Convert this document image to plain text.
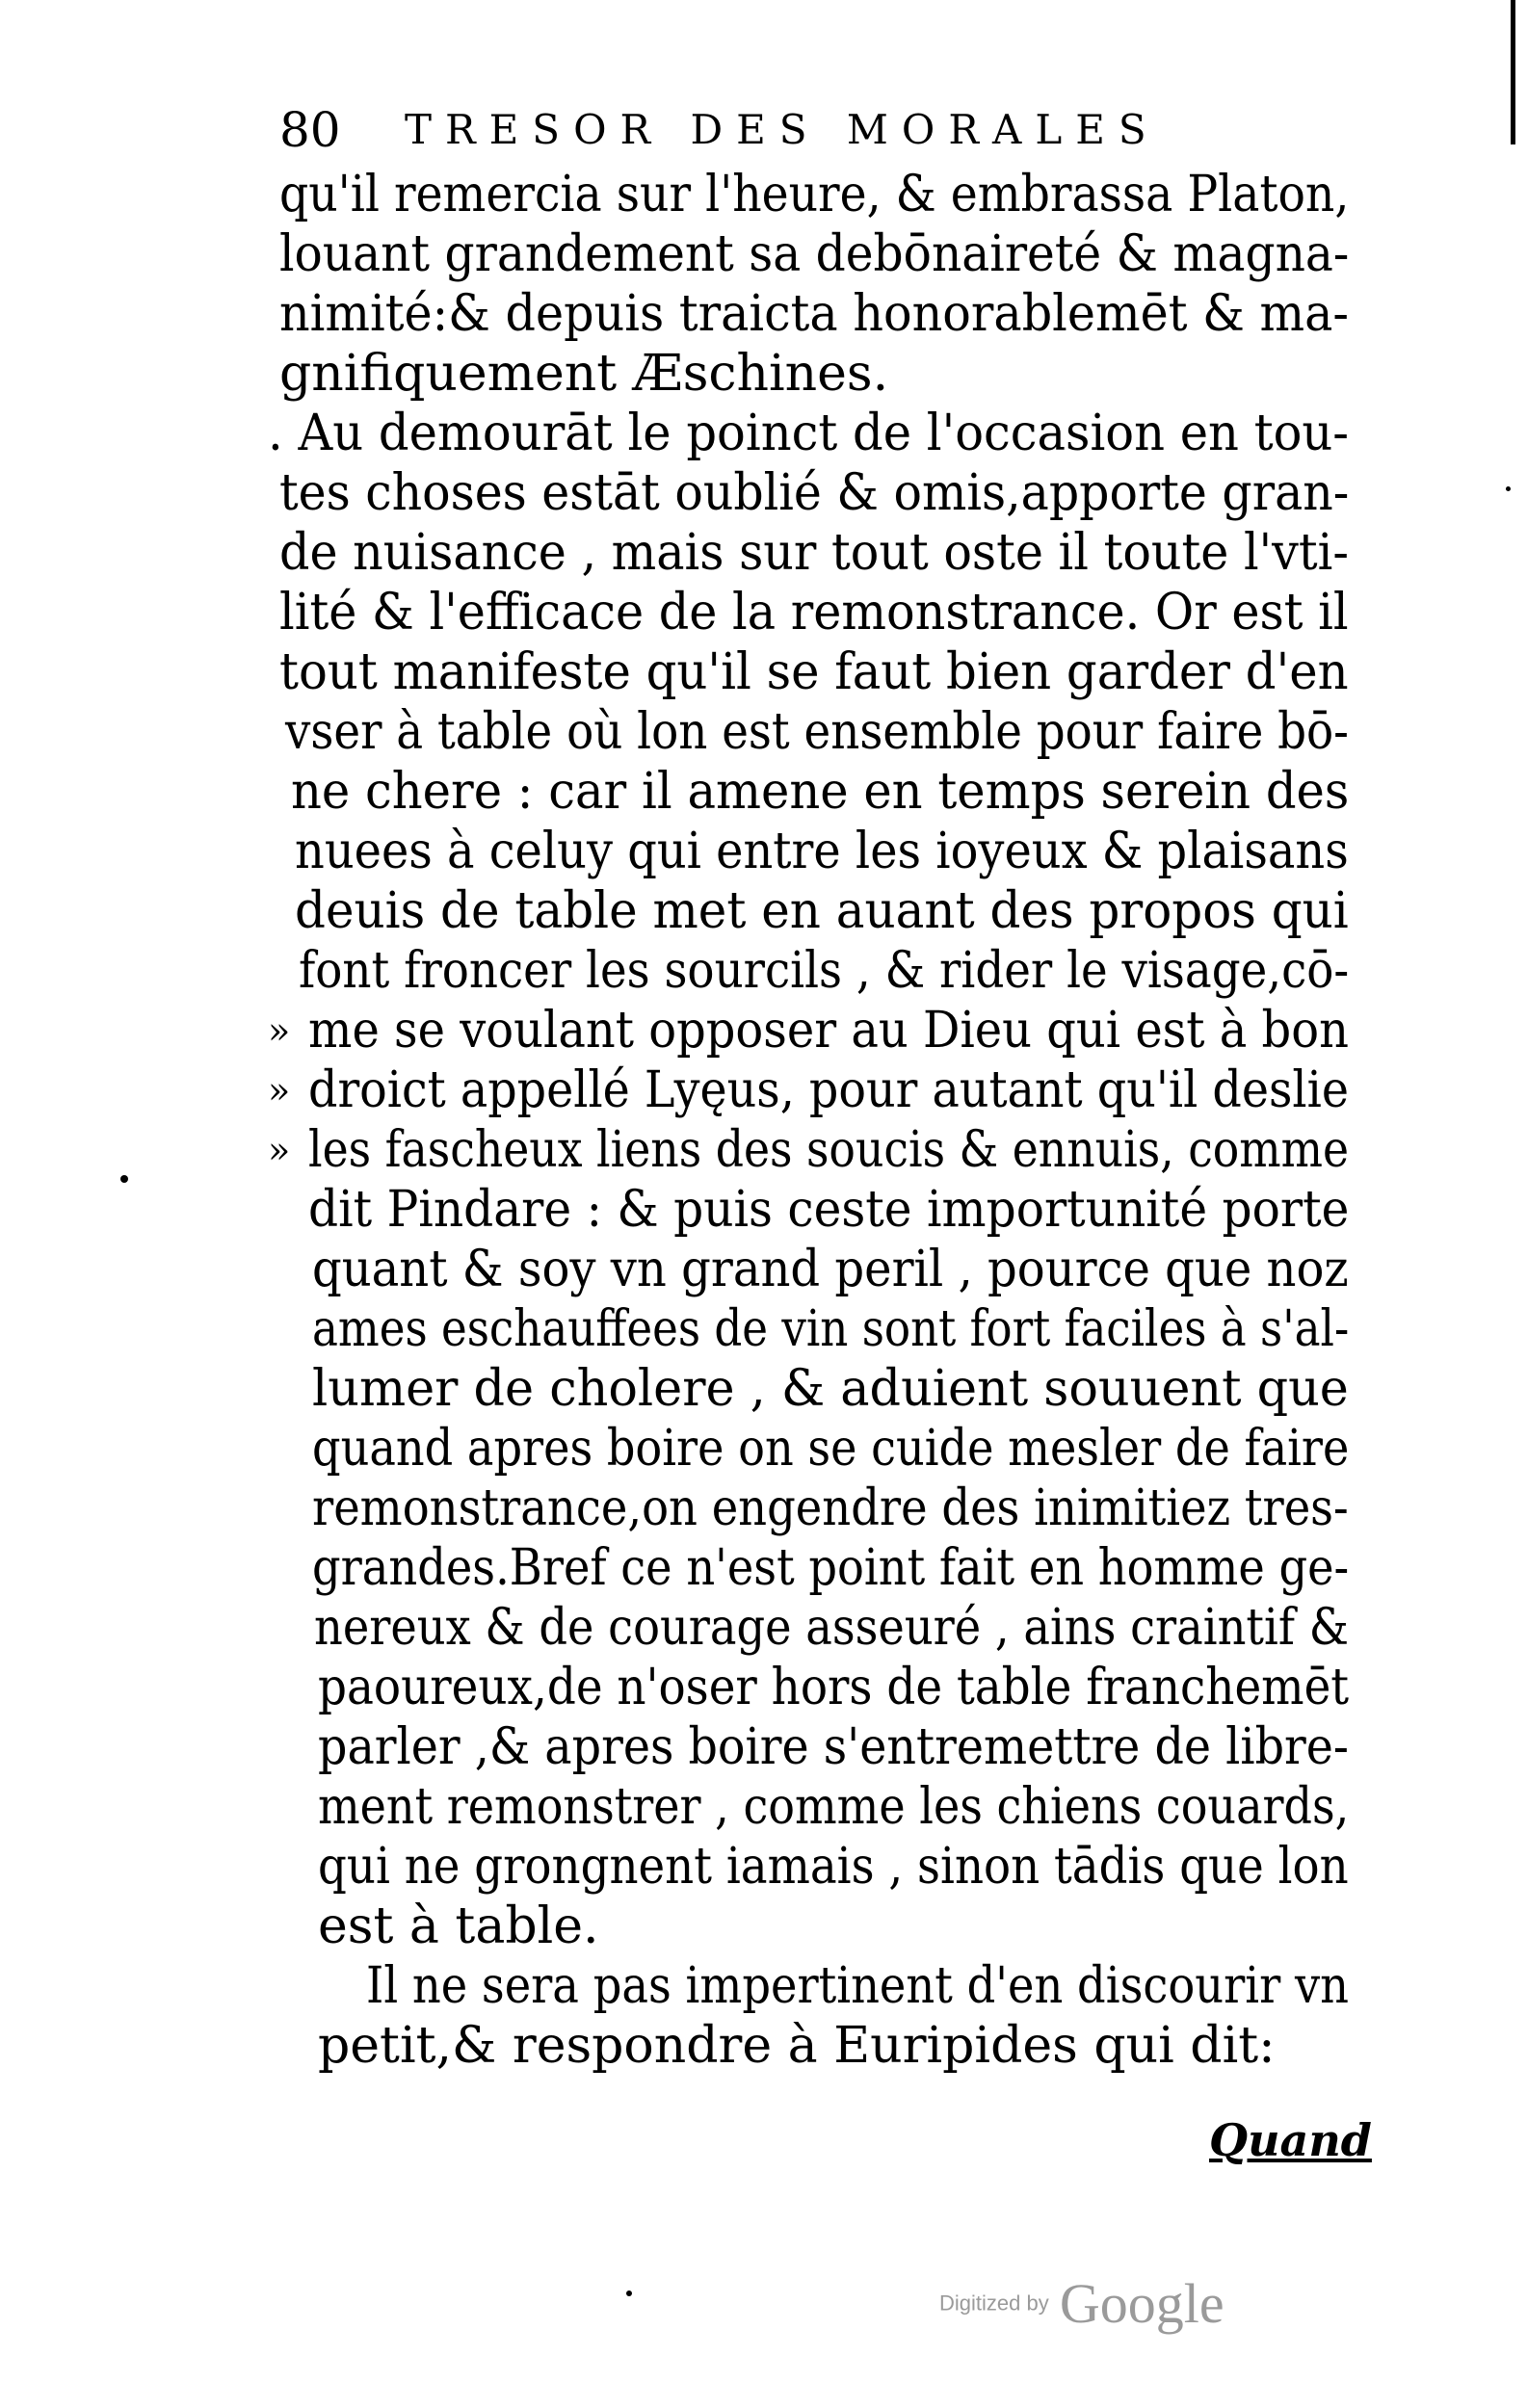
80 TRESOR DES MORALES
qu'il remercia sur l'heure, & embrassa Platon,
louant grandement sa debōnaireté & magna-
nimité:& depuis traicta honorablemēt & ma-
gnifiquement Æschines.
. Au demourāt le poinct de l'occasion en tou-
tes choses estāt oublié & omis,apporte gran-
de nuisance , mais sur tout oste il toute l'vti-
lité & l'efficace de la remonstrance. Or est il
tout manifeste qu'il se faut bien garder d'en
vser à table où lon est ensemble pour faire bō-
ne chere : car il amene en temps serein des
nuees à celuy qui entre les ioyeux & plaisans
deuis de table met en auant des propos qui
font froncer les sourcils , & rider le visage,cō-
me se voulant opposer au Dieu qui est à bon
droict appellé Lyęus, pour autant qu'il deslie
les fascheux liens des soucis & ennuis, comme
dit Pindare : & puis ceste importunité porte
quant & soy vn grand peril , pource que noz
ames eschauffees de vin sont fort faciles à s'al-
lumer de cholere , & aduient souuent que
quand apres boire on se cuide mesler de faire
remonstrance,on engendre des inimitiez tres-
grandes.Bref ce n'est point fait en homme ge-
nereux & de courage asseuré , ains craintif &
paoureux,de n'oser hors de table franchemēt
parler ,& apres boire s'entremettre de libre-
ment remonstrer , comme les chiens couards,
qui ne grongnent iamais , sinon tādis que lon
est à table.
Il ne sera pas impertinent d'en discourir vn
petit,& respondre à Euripides qui dit:
»
»
»
Quand
Digitized by Google
